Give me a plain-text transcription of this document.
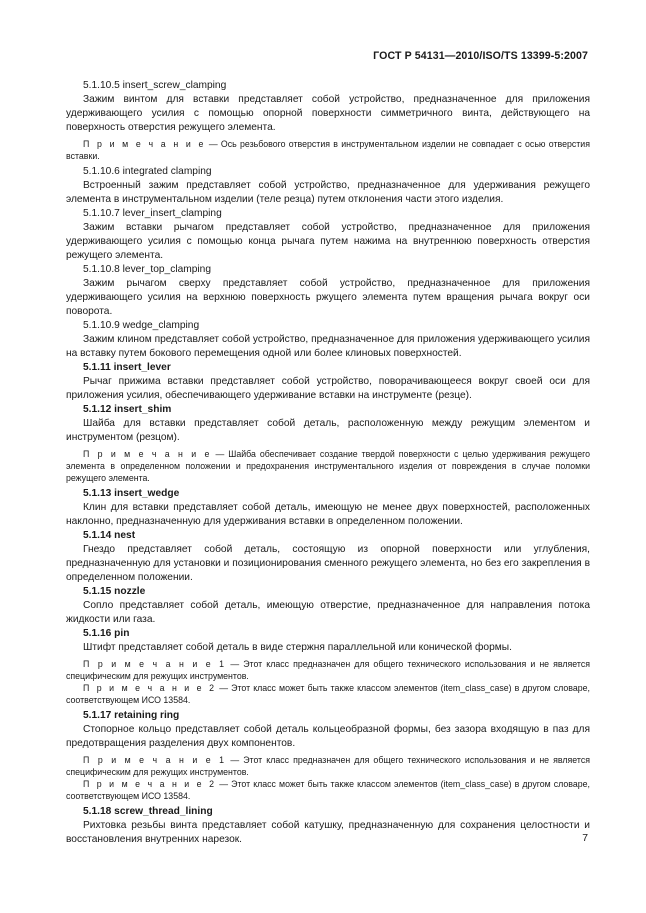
ГОСТ Р 54131—2010/ISO/TS 13399-5:2007

5.1.10.5 insert_screw_clamping

Зажим винтом для вставки представляет собой устройство, предназначенное для приложения удерживающего усилия с помощью опорной поверхности симметричного винта, действующего на поверхность отверстия режущего элемента.

П р и м е ч а н и е — Ось резьбового отверстия в инструментальном изделии не совпадает с осью отверстия вставки.

5.1.10.6 integrated clamping

Встроенный зажим представляет собой устройство, предназначенное для удерживания режущего элемента в инструментальном изделии (теле резца) путем отклонения части этого изделия.

5.1.10.7 lever_insert_clamping

Зажим вставки рычагом представляет собой устройство, предназначенное для приложения удерживающего усилия с помощью конца рычага путем нажима на внутреннюю поверхность отверстия режущего элемента.

5.1.10.8 lever_top_clamping

Зажим рычагом сверху представляет собой устройство, предназначенное для приложения удерживающего усилия на верхнюю поверхность ржущего элемента путем вращения рычага вокруг оси поворота.

5.1.10.9 wedge_clamping

Зажим клином представляет собой устройство, предназначенное для приложения удерживающего усилия на вставку путем бокового перемещения одной или более клиновых поверхностей.

5.1.11 insert_lever

Рычаг прижима вставки представляет собой устройство, поворачивающееся вокруг своей оси для приложения усилия, обеспечивающего удерживание вставки на инструменте (резце).

5.1.12 insert_shim

Шайба для вставки представляет собой деталь, расположенную между режущим элементом и инструментом (резцом).

П р и м е ч а н и е — Шайба обеспечивает создание твердой поверхности с целью удерживания режущего элемента в определенном положении и предохранения инструментального изделия от повреждения в случае поломки режущего элемента.

5.1.13 insert_wedge

Клин для вставки представляет собой деталь, имеющую не менее двух поверхностей, расположенных наклонно, предназначенную для удерживания вставки в определенном положении.

5.1.14 nest

Гнездо представляет собой деталь, состоящую из опорной поверхности или углубления, предназначенную для установки и позиционирования сменного режущего элемента, но без его закрепления в определенном положении.

5.1.15 nozzle

Сопло представляет собой деталь, имеющую отверстие, предназначенное для направления потока жидкости или газа.

5.1.16 pin

Штифт представляет собой деталь в виде стержня параллельной или конической формы.

П р и м е ч а н и е 1 — Этот класс предназначен для общего технического использования и не является специфическим для режущих инструментов.

П р и м е ч а н и е 2 — Этот класс может быть также классом элементов (item_class_case) в другом словаре, соответствующем ИСО 13584.

5.1.17 retaining ring

Стопорное кольцо представляет собой деталь кольцеобразной формы, без зазора входящую в паз для предотвращения разделения двух компонентов.

П р и м е ч а н и е 1 — Этот класс предназначен для общего технического использования и не является специфическим для режущих инструментов.

П р и м е ч а н и е 2 — Этот класс может быть также классом элементов (item_class_case) в другом словаре, соответствующем ИСО 13584.

5.1.18 screw_thread_lining

Рихтовка резьбы винта представляет собой катушку, предназначенную для сохранения целостности и восстановления внутренних нарезок.	7
